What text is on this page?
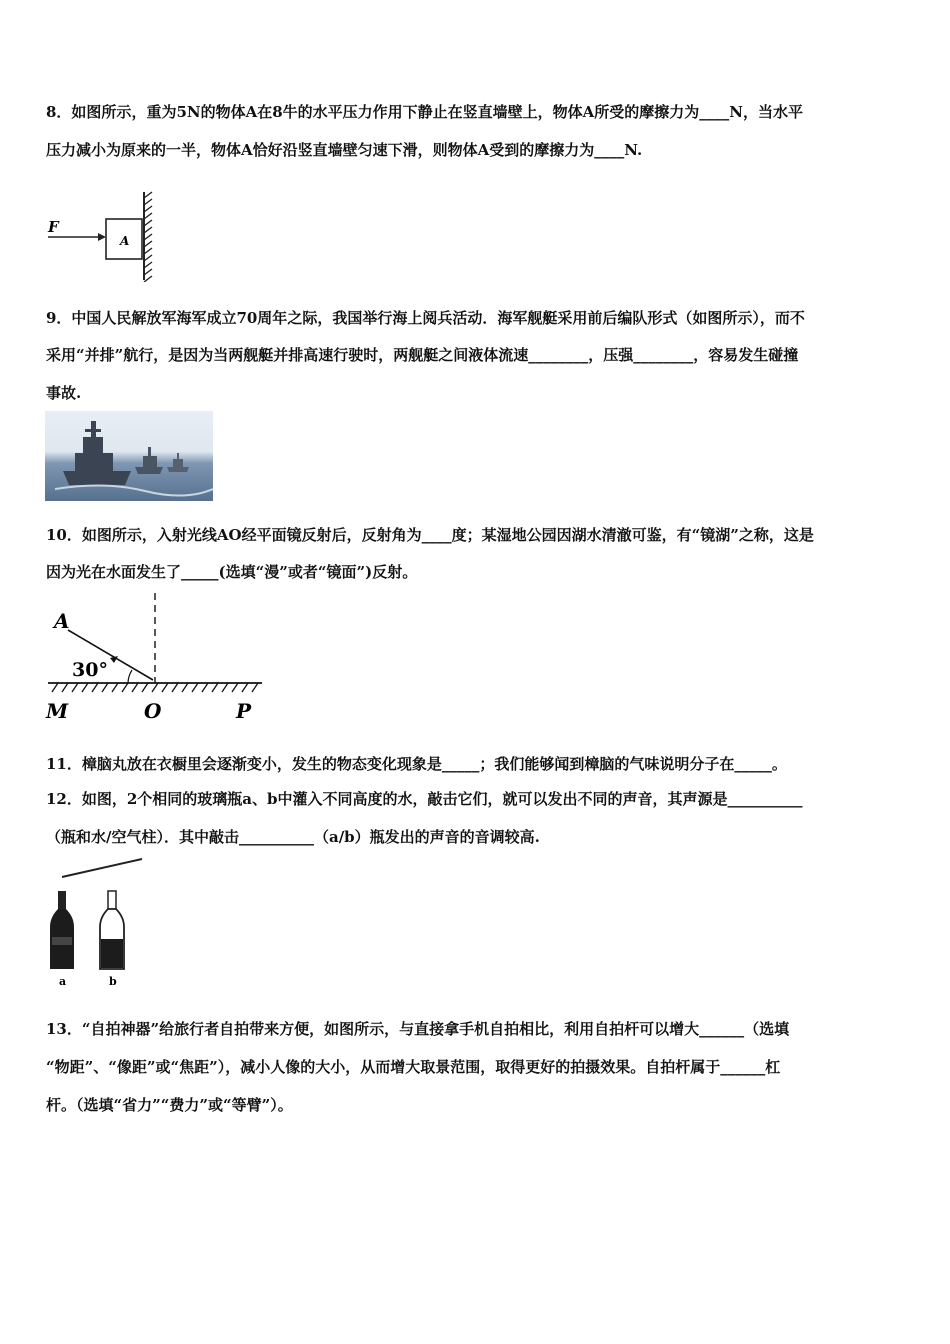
8．如图所示，重为5N的物体A在8牛的水平压力作用下静止在竖直墙壁上，物体A所受的摩擦力为____N，当水平
压力减小为原来的一半，物体A恰好沿竖直墙壁匀速下滑，则物体A受到的摩擦力为____N.
F
A
9．中国人民解放军海军成立70周年之际，我国举行海上阅兵活动．海军舰艇采用前后编队形式（如图所示），而不
采用“并排”航行，是因为当两舰艇并排高速行驶时，两舰艇之间液体流速________，压强________，容易发生碰撞
事故.
10．如图所示，入射光线AO经平面镜反射后，反射角为____度；某湿地公园因湖水清澈可鉴，有“镜湖”之称，这是
因为光在水面发生了_____(选填“漫”或者“镜面”)反射。
A
30°
M	O	P
11．樟脑丸放在衣橱里会逐渐变小，发生的物态变化现象是_____；我们能够闻到樟脑的气味说明分子在_____。
12．如图，2个相同的玻璃瓶a、b中灌入不同高度的水，敲击它们，就可以发出不同的声音，其声源是__________
（瓶和水/空气柱）．其中敲击__________（a/b）瓶发出的声音的音调较高.
a	b
13．“自拍神器”给旅行者自拍带来方便，如图所示，与直接拿手机自拍相比，利用自拍杆可以增大______（选填
“物距”、“像距”或“焦距”），减小人像的大小，从而增大取景范围，取得更好的拍摄效果。自拍杆属于______杠
杆。（选填“省力”“费力”或“等臂”）。
